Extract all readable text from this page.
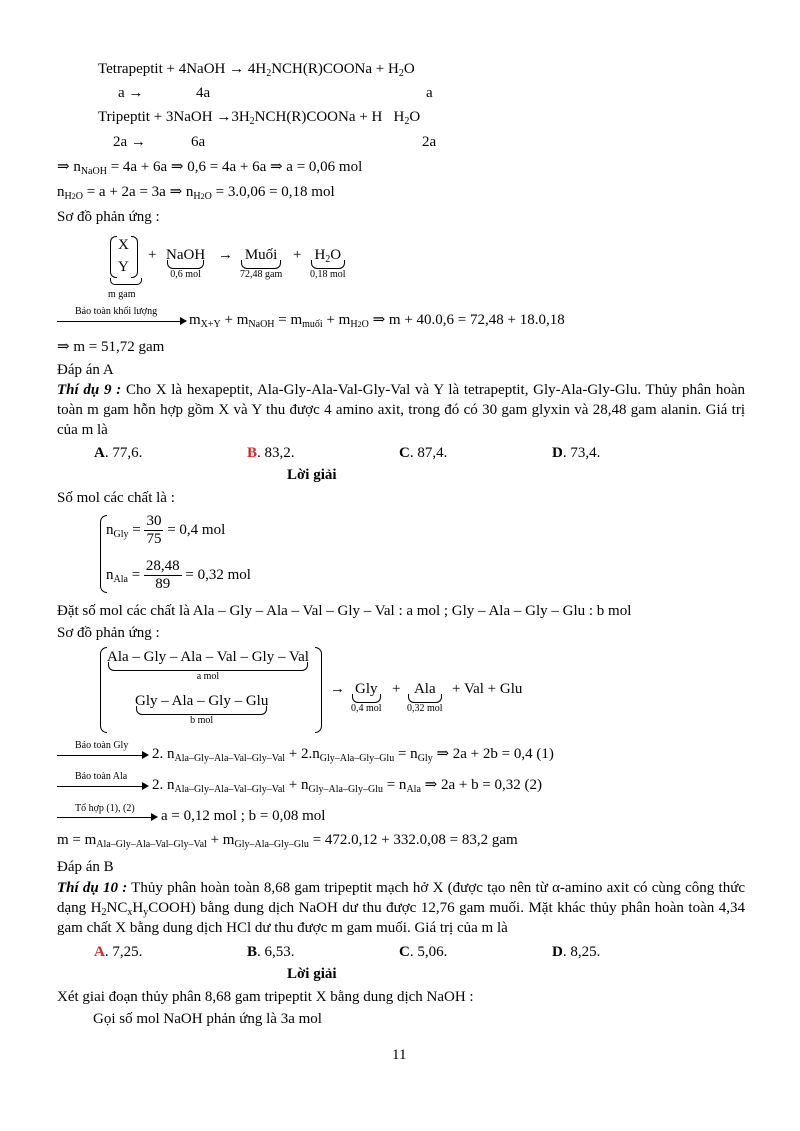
Tetrapeptit + 4NaOH → $4H_2NCH(R)COONa + H_2O$
a →	4a	a
Tripeptit + 3NaOH $\to 3H_2NCH(R)COONa + H$ $H_2O$
2a →	6a	2a
⇒ $n_{NaOH} = 4a + 6a$ ⇒ 0,6 = 4a + 6a ⇒ a = 0,06 mol
$n_{H2O} = a + 2a = 3a$ ⇒ $n_{H2O} = 3.0,06 = 0,18$ mol
Sơ đồ phản ứng :
X
Y
m gam
+ NaOH
0,6 mol
→ Muối
72,48 gam
+ $H_2O$
0,18 mol
Bảo toàn khối lượng
$m_{X+Y} + m_{NaOH} = m_{muối} + m_{H2O}$ ⇒ m + 40.0,6 = 72,48 + 18.0,18
⇒ m = 51,72 gam
Đáp án A
Thí dụ 9 : Cho X là hexapeptit, Ala-Gly-Ala-Val-Gly-Val và Y là tetrapeptit, Gly-Ala-Gly-Glu. Thủy phân hoàn toàn m gam hỗn hợp gồm X và Y thu được 4 amino axit, trong đó có 30 gam glyxin và 28,48 gam alanin. Giá trị của m là
A. 77,6.	B. 83,2.	C. 87,4.	D. 73,4.
Lời giải
Số mol các chất là :
$n_{Gly} = \frac{30}{75} = 0,4$ mol
$n_{Ala} = \frac{28,48}{89} = 0,32$ mol
Đặt số mol các chất là Ala – Gly – Ala – Val – Gly – Val : a mol ; Gly – Ala – Gly – Glu : b mol
Sơ đồ phản ứng :
Ala – Gly – Ala – Val – Gly – Val
a mol
Gly – Ala – Gly – Glu
b mol
→ Gly
0,4 mol
+ Ala
0,32 mol
+ Val + Glu
Bảo toàn Gly
2. $n_{Ala-Gly-Ala-Val-Gly-Val} + 2.n_{Gly-Ala-Gly-Glu} = n_{Gly}$ ⇒ 2a + 2b = 0,4 (1)
Bảo toàn Ala
2. $n_{Ala-Gly-Ala-Val-Gly-Val} + n_{Gly-Ala-Gly-Glu} = n_{Ala}$ ⇒ 2a + b = 0,32 (2)
Tổ hợp (1), (2) a = 0,12 mol ; b = 0,08 mol
$m = m_{Ala-Gly-Ala-Val-Gly-Val} + m_{Gly-Ala-Gly-Glu} = 472.0,12 + 332.0,08 = 83,2$ gam
Đáp án B
Thí dụ 10 : Thủy phân hoàn toàn 8,68 gam tripeptit mạch hở X (được tạo nên từ α-amino axit có cùng công thức dạng $H_2NC_xH_yCOOH$) bằng dung dịch NaOH dư thu được 12,76 gam muối. Mặt khác thủy phân hoàn toàn 4,34 gam chất X bằng dung dịch HCl dư thu được m gam muối. Giá trị của m là
A. 7,25.	B. 6,53.	C. 5,06.	D. 8,25.
Lời giải
Xét giai đoạn thủy phân 8,68 gam tripeptit X bằng dung dịch NaOH :
Gọi số mol NaOH phản ứng là 3a mol
11
